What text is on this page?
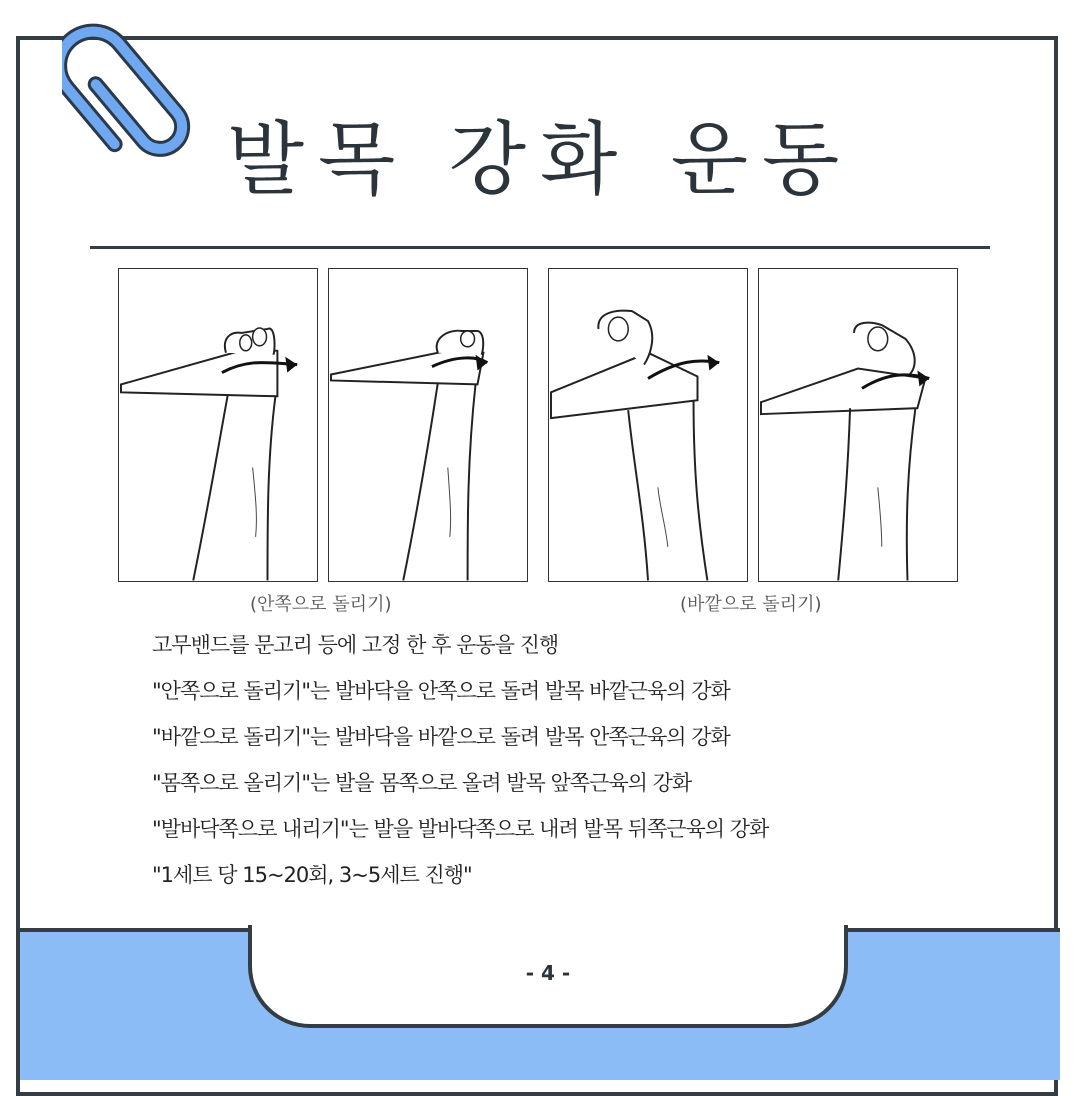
발목 강화 운동
(안쪽으로 돌리기)	(바깥으로 돌리기)
고무밴드를 문고리 등에 고정 한 후 운동을 진행
"안쪽으로 돌리기"는 발바닥을 안쪽으로 돌려 발목 바깥근육의 강화
"바깥으로 돌리기"는 발바닥을 바깥으로 돌려 발목 안쪽근육의 강화
"몸쪽으로 올리기"는 발을 몸쪽으로 올려 발목 앞쪽근육의 강화
"발바닥쪽으로 내리기"는 발을 발바닥쪽으로 내려 발목 뒤쪽근육의 강화
"1세트 당 15~20회, 3~5세트 진행"
- 4 -
